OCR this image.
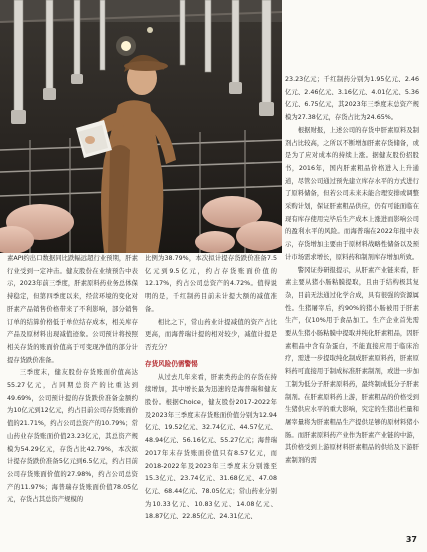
素API约出口数据同比跌幅远超行业预期，肝素行业受到一定冲击。健友股份在业绩预告中表示，2023年前三季度，肝素原料药业务总体保持稳定，但第四季度以来，经营环境的变化对肝素产品销售价格带来了不利影响，部分销售订单的结算价格低于单位结存成本，相关库存产品及原材料出现减值迹象。公司预计将按照相关存货的账面价值高于可变现净值的部分计提存货跌价准备。

三季度末，健友股份存货账面价值高达55.27亿元，占同期总资产的比重达到49.69%，公司预计提的存货跌价准备金额约为10亿元到12亿元，约占目前公司存货账面价值的21.71%，约占公司总资产的10.79%；常山药业存货账面价值23.23亿元，其总资产规模为54.29亿元，存货占比42.79%，本次拟计提存货跌价准备5亿元到6.5亿元，约占目前公司存货账面价值的27.98%，约占公司总资产的11.97%；海普瑞存货账面价值78.05亿元，存货占其总资产规模的

比例为38.79%，本次拟计提存货跌价准备7.5亿元到9.5亿元，约占存货账面价值的12.17%，约占公司总资产的4.72%。值得说明的是，千红制药目前未计提大额的减值准备。

相比之下，常山药业计提减值的资产占比更高，而海普瑞计提的相对较少，减值计提是否充分？

存货风险仍需警惕

从过去几年来看，肝素类药企的存货在持续增加，其中增长最为迅速的是海普瑞和健友股份。根据Choice，健友股份2017-2022年及2023年三季度末存货账面价值分别为12.94亿元、19.52亿元、32.74亿元、44.57亿元、48.94亿元、56.16亿元、55.27亿元；海普瑞2017年末存货账面价值只有8.57亿元，而2018-2022年及2023年三季度末分别涨至15.3亿元、23.74亿元、31.68亿元、47.08亿元、68.44亿元、78.05亿元；常山药业分别为10.33亿元、10.83亿元、14.08亿元、18.87亿元、22.85亿元、24.31亿元、

23.23亿元；千红制药分别为1.95亿元、2.46亿元、2.46亿元、3.16亿元、4.01亿元、5.36亿元、6.75亿元，其2023年三季度末总资产规模为27.38亿元，存货占比为24.65%。

根据财报，上述公司的存货中肝素原料及制剂占比较高，之所以不断增加肝素存货储备，或是为了应对成本的持续上涨。据健友股份招股书，2016年，国内肝素粗品价格进入上升通道，尽管公司通过预先建立库存水平的方式进行了原料储备，但若公司未来未能合理安排或调整采购计划，保证肝素粗品供应，仍有可能面临在现有库存使用完毕后生产成本上涨进而影响公司的盈利水平的风险。而海普瑞在2022年报中表示，存货增加主要由于原材料战略性储备以及预计市场需求增长，原料药和制剂库存增加所致。

警冈证券研报提示，从肝素产业链来看，肝素主要从猪小肠粘膜提取，且由于结构极其复杂，目前无法通过化学合成，具有很强的资源属性。生猪屠宰后，约90%的猪小肠被用于肝素生产，仅10%用于食品加工。生产企业首先需要从生猪小肠粘膜中提取并纯化肝素粗品，因肝素粗品中含有杂蛋白，不能直接应用于临床治疗，需进一步提取纯化制成肝素原料药，肝素原料药可直接用于制成标准肝素制剂，或进一步加工制为低分子肝素原料药，最终制成低分子肝素制剂。在肝素原料药上游，肝素粗品的价格受到生猪供应水平的重大影响，究定的生猪出栏量和屠宰量将为肝素粗品生产提供足够的原材料猪小肠。而肝素原料药产业作为肝素产业链的中游，其价格受到上游原材料肝素粗品的供给及下游肝素制剂的需

37
